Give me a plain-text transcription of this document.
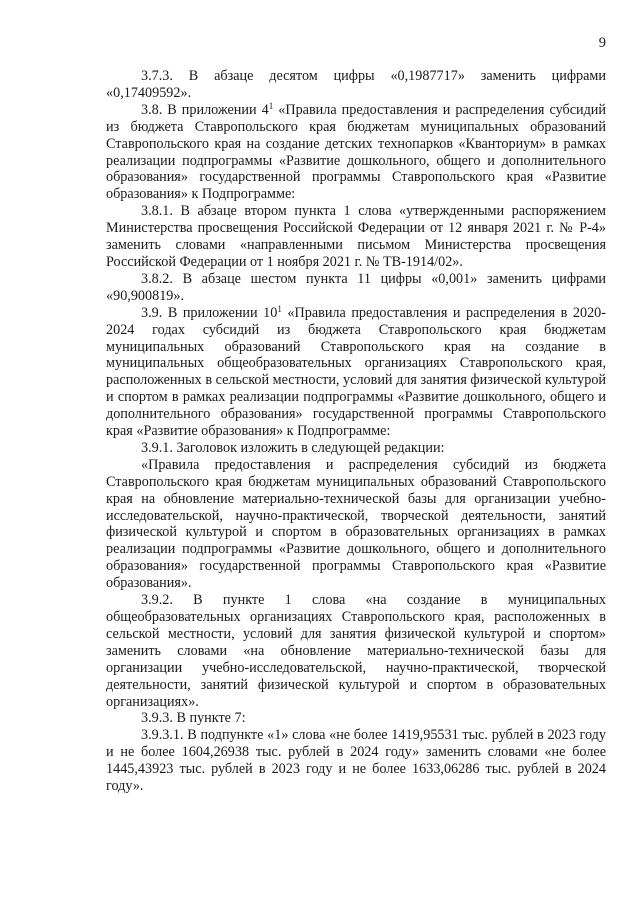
9

3.7.3. В абзаце десятом цифры «0,1987717» заменить цифрами «0,17409592».

3.8. В приложении $4^1$ «Правила предоставления и распределения субсидий из бюджета Ставропольского края бюджетам муниципальных образований Ставропольского края на создание детских технопарков «Кванториум» в рамках реализации подпрограммы «Развитие дошкольного, общего и дополнительного образования» государственной программы Ставропольского края «Развитие образования» к Подпрограмме:

3.8.1. В абзаце втором пункта 1 слова «утвержденными распоряжением Министерства просвещения Российской Федерации от 12 января 2021 г. № Р-4» заменить словами «направленными письмом Министерства просвещения Российской Федерации от 1 ноября 2021 г. № ТВ-1914/02».

3.8.2. В абзаце шестом пункта 11 цифры «0,001» заменить цифрами «90,900819».

3.9. В приложении $10^1$ «Правила предоставления и распределения в 2020-2024 годах субсидий из бюджета Ставропольского края бюджетам муниципальных образований Ставропольского края на создание в муниципальных общеобразовательных организациях Ставропольского края, расположенных в сельской местности, условий для занятия физической культурой и спортом в рамках реализации подпрограммы «Развитие дошкольного, общего и дополнительного образования» государственной программы Ставропольского края «Развитие образования» к Подпрограмме:

3.9.1. Заголовок изложить в следующей редакции:

«Правила предоставления и распределения субсидий из бюджета Ставропольского края бюджетам муниципальных образований Ставропольского края на обновление материально-технической базы для организации учебно-исследовательской, научно-практической, творческой деятельности, занятий физической культурой и спортом в образовательных организациях в рамках реализации подпрограммы «Развитие дошкольного, общего и дополнительного образования» государственной программы Ставропольского края «Развитие образования».

3.9.2. В пункте 1 слова «на создание в муниципальных общеобразовательных организациях Ставропольского края, расположенных в сельской местности, условий для занятия физической культурой и спортом» заменить словами «на обновление материально-технической базы для организации учебно-исследовательской, научно-практической, творческой деятельности, занятий физической культурой и спортом в образовательных организациях».

3.9.3. В пункте 7:

3.9.3.1. В подпункте «1» слова «не более 1419,95531 тыс. рублей в 2023 году и не более 1604,26938 тыс. рублей в 2024 году» заменить словами «не более 1445,43923 тыс. рублей в 2023 году и не более 1633,06286 тыс. рублей в 2024 году».
